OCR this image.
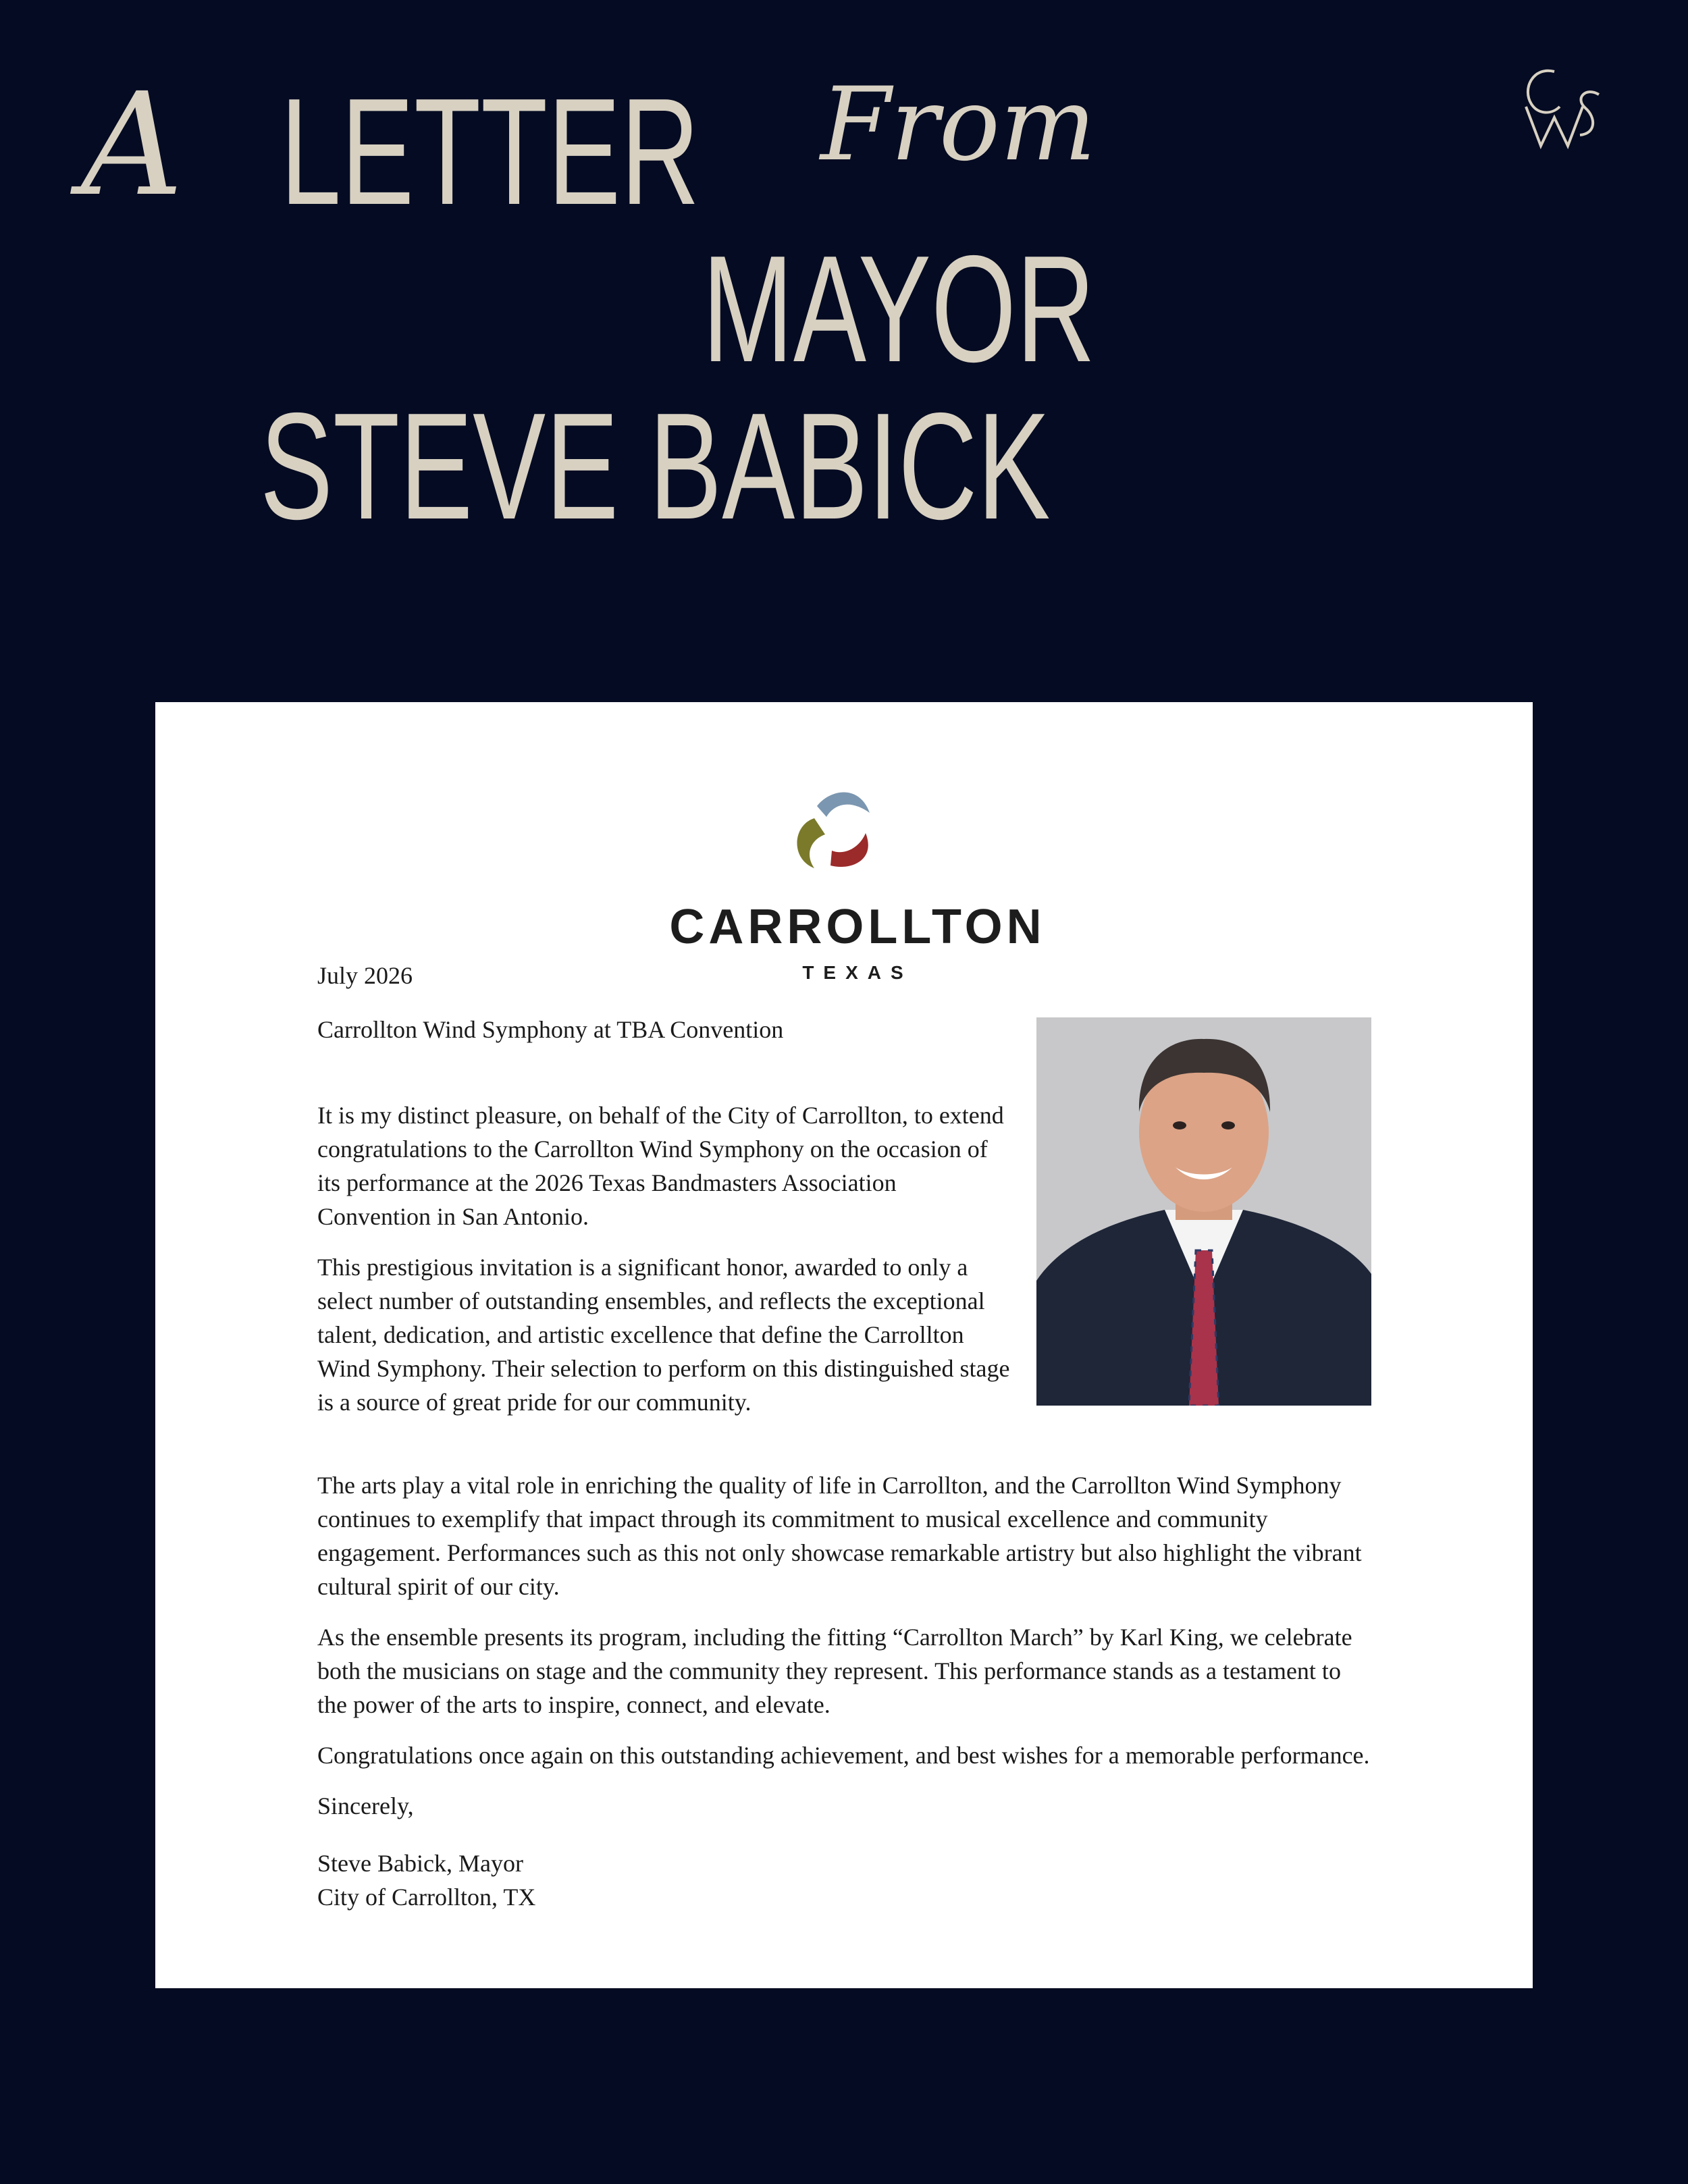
A LETTER From
MAYOR
STEVE BABICK
CARROLLTON
TEXAS
July 2026
Carrollton Wind Symphony at TBA Convention

It is my distinct pleasure, on behalf of the City of Carrollton, to extend congratulations to the Carrollton Wind Symphony on the occasion of its performance at the 2026 Texas Bandmasters Association Convention in San Antonio.

This prestigious invitation is a significant honor, awarded to only a select number of outstanding ensembles, and reflects the exceptional talent, dedication, and artistic excellence that define the Carrollton Wind Symphony. Their selection to perform on this distinguished stage is a source of great pride for our community.

The arts play a vital role in enriching the quality of life in Carrollton, and the Carrollton Wind Symphony continues to exemplify that impact through its commitment to musical excellence and community engagement. Performances such as this not only showcase remarkable artistry but also highlight the vibrant cultural spirit of our city.

As the ensemble presents its program, including the fitting “Carrollton March” by Karl King, we celebrate both the musicians on stage and the community they represent. This performance stands as a testament to the power of the arts to inspire, connect, and elevate.

Congratulations once again on this outstanding achievement, and best wishes for a memorable performance.

Sincerely,

Steve Babick, Mayor

City of Carrollton, TX
